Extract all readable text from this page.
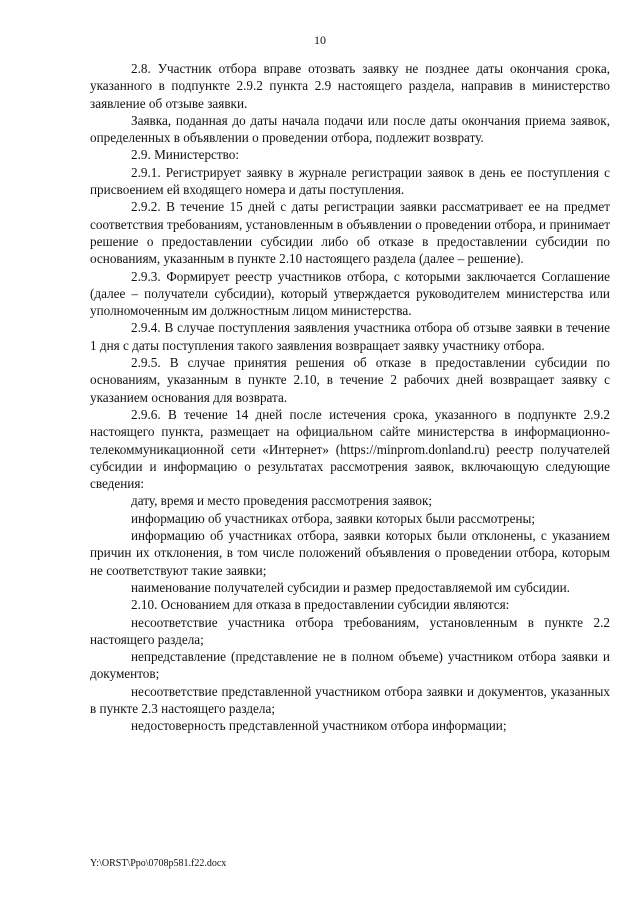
10

2.8. Участник отбора вправе отозвать заявку не позднее даты окончания срока, указанного в подпункте 2.9.2 пункта 2.9 настоящего раздела, направив в министерство заявление об отзыве заявки.

Заявка, поданная до даты начала подачи или после даты окончания приема заявок, определенных в объявлении о проведении отбора, подлежит возврату.

2.9. Министерство:

2.9.1. Регистрирует заявку в журнале регистрации заявок в день ее поступления с присвоением ей входящего номера и даты поступления.

2.9.2. В течение 15 дней с даты регистрации заявки рассматривает ее на предмет соответствия требованиям, установленным в объявлении о проведении отбора, и принимает решение о предоставлении субсидии либо об отказе в предоставлении субсидии по основаниям, указанным в пункте 2.10 настоящего раздела (далее – решение).

2.9.3. Формирует реестр участников отбора, с которыми заключается Соглашение (далее – получатели субсидии), который утверждается руководителем министерства или уполномоченным им должностным лицом министерства.

2.9.4. В случае поступления заявления участника отбора об отзыве заявки в течение 1 дня с даты поступления такого заявления возвращает заявку участнику отбора.

2.9.5. В случае принятия решения об отказе в предоставлении субсидии по основаниям, указанным в пункте 2.10, в течение 2 рабочих дней возвращает заявку с указанием основания для возврата.

2.9.6. В течение 14 дней после истечения срока, указанного в подпункте 2.9.2 настоящего пункта, размещает на официальном сайте министерства в информационно-телекоммуникационной сети «Интернет» (https://minprom.donland.ru) реестр получателей субсидии и информацию о результатах рассмотрения заявок, включающую следующие сведения:

дату, время и место проведения рассмотрения заявок;

информацию об участниках отбора, заявки которых были рассмотрены;

информацию об участниках отбора, заявки которых были отклонены, с указанием причин их отклонения, в том числе положений объявления о проведении отбора, которым не соответствуют такие заявки;

наименование получателей субсидии и размер предоставляемой им субсидии.

2.10. Основанием для отказа в предоставлении субсидии являются:

несоответствие участника отбора требованиям, установленным в пункте 2.2 настоящего раздела;

непредставление (представление не в полном объеме) участником отбора заявки и документов;

несоответствие представленной участником отбора заявки и документов, указанных в пункте 2.3 настоящего раздела;

недостоверность представленной участником отбора информации;

Y:\ORST\Ppo\0708p581.f22.docx
